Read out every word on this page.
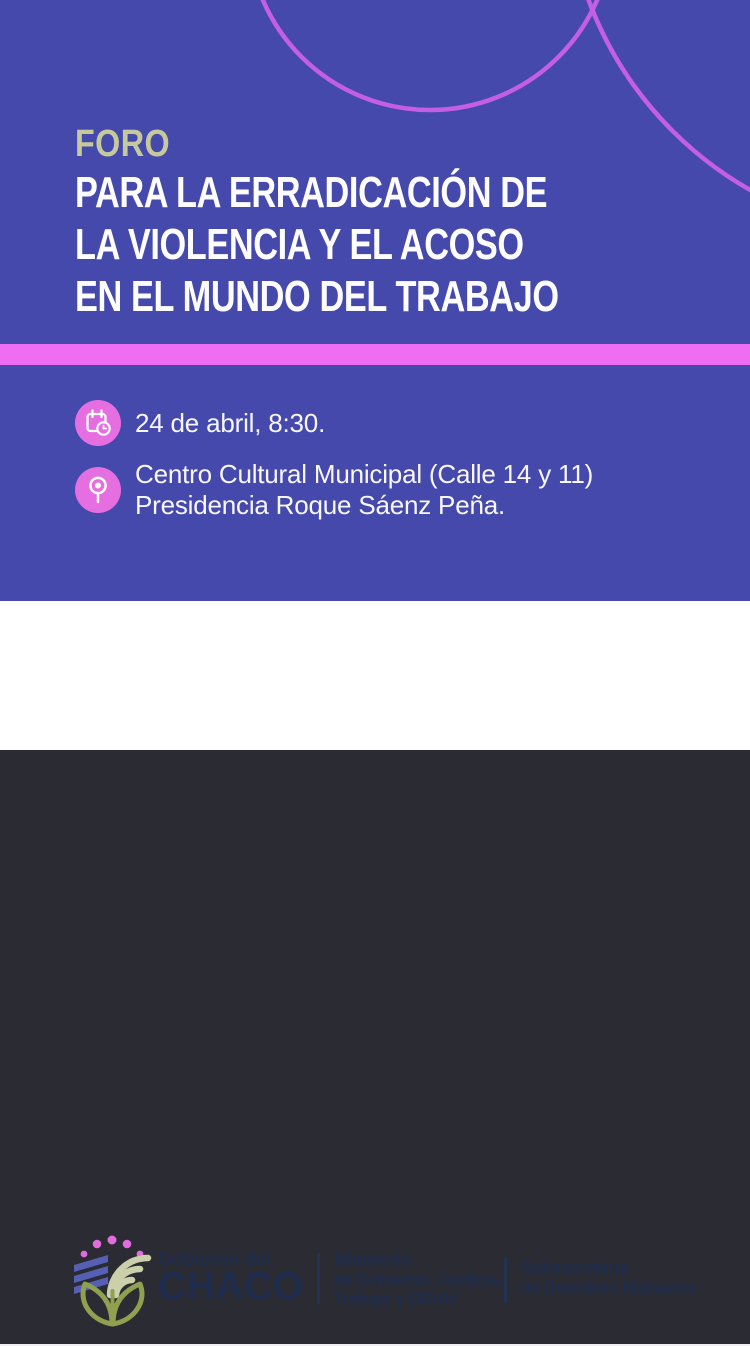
FORO
PARA LA ERRADICACIÓN DE
LA VIOLENCIA Y EL ACOSO
EN EL MUNDO DEL TRABAJO
24 de abril, 8:30.
Centro Cultural Municipal (Calle 14 y 11)
Presidencia Roque Sáenz Peña.
Gobierno del
CHACO
Ministerio
de Gobierno, Justicia,
Trabajo y DDHH
Subsecretaría
de Derechos Humanos
